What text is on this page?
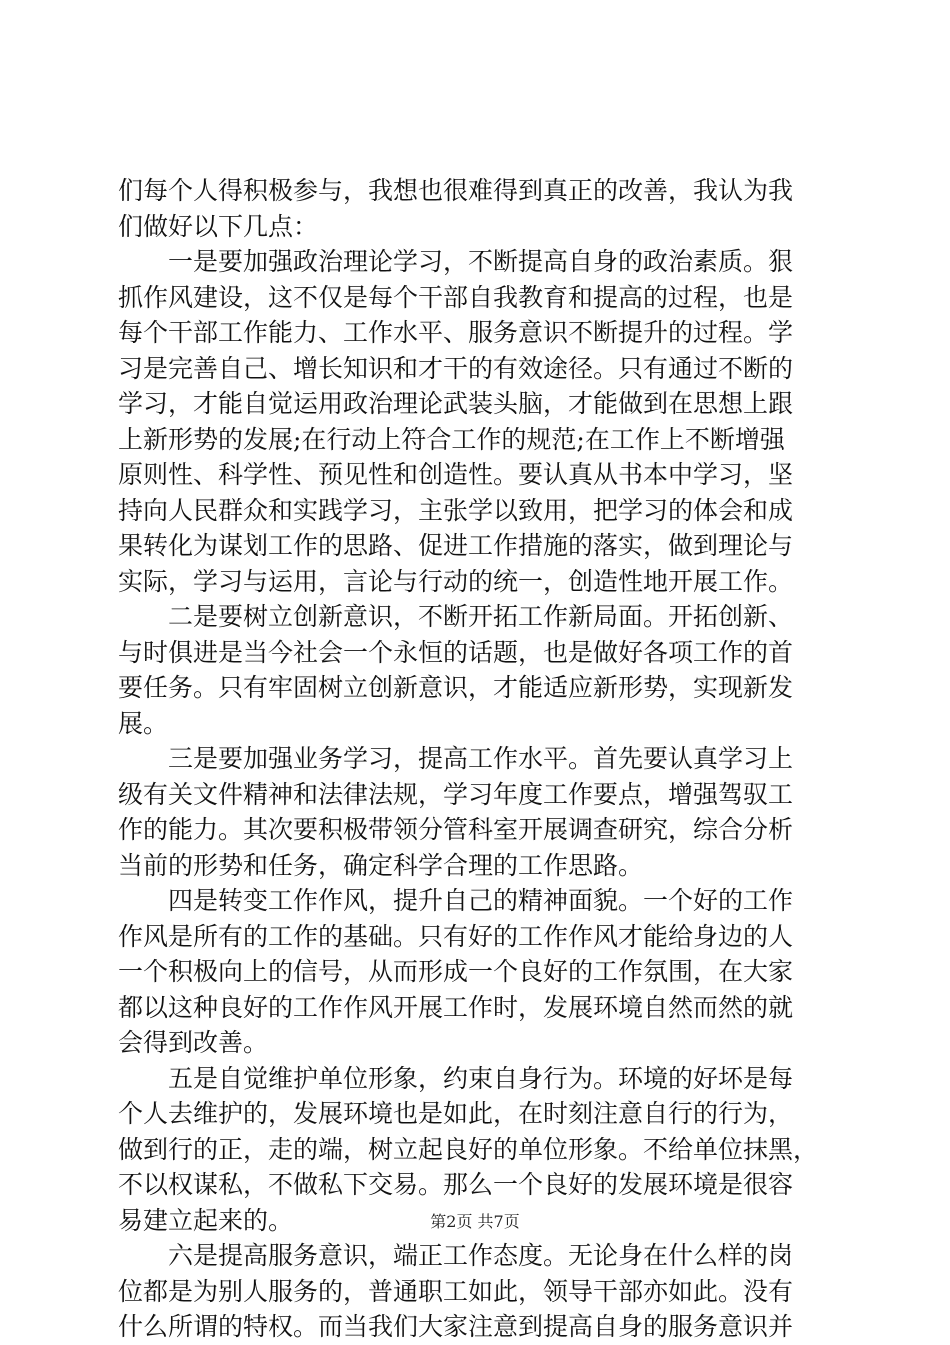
们每个人得积极参与，我想也很难得到真正的改善，我认为我
们做好以下几点：
　　一是要加强政治理论学习，不断提高自身的政治素质。狠
抓作风建设，这不仅是每个干部自我教育和提高的过程，也是
每个干部工作能力、工作水平、服务意识不断提升的过程。学
习是完善自己、增长知识和才干的有效途径。只有通过不断的
学习，才能自觉运用政治理论武装头脑，才能做到在思想上跟
上新形势的发展;在行动上符合工作的规范;在工作上不断增强
原则性、科学性、预见性和创造性。要认真从书本中学习，坚
持向人民群众和实践学习，主张学以致用，把学习的体会和成
果转化为谋划工作的思路、促进工作措施的落实，做到理论与
实际，学习与运用，言论与行动的统一，创造性地开展工作。
　　二是要树立创新意识，不断开拓工作新局面。开拓创新、
与时俱进是当今社会一个永恒的话题，也是做好各项工作的首
要任务。只有牢固树立创新意识，才能适应新形势，实现新发
展。
　　三是要加强业务学习，提高工作水平。首先要认真学习上
级有关文件精神和法律法规，学习年度工作要点，增强驾驭工
作的能力。其次要积极带领分管科室开展调查研究，综合分析
当前的形势和任务，确定科学合理的工作思路。
　　四是转变工作作风，提升自己的精神面貌。一个好的工作
作风是所有的工作的基础。只有好的工作作风才能给身边的人
一个积极向上的信号，从而形成一个良好的工作氛围，在大家
都以这种良好的工作作风开展工作时，发展环境自然而然的就
会得到改善。
　　五是自觉维护单位形象，约束自身行为。环境的好坏是每
个人去维护的，发展环境也是如此，在时刻注意自行的行为，
做到行的正，走的端，树立起良好的单位形象。不给单位抹黑，
不以权谋私，不做私下交易。那么一个良好的发展环境是很容
易建立起来的。
　　六是提高服务意识，端正工作态度。无论身在什么样的岗
位都是为别人服务的，普通职工如此，领导干部亦如此。没有
什么所谓的特权。而当我们大家注意到提高自身的服务意识并
第2页 共7页
